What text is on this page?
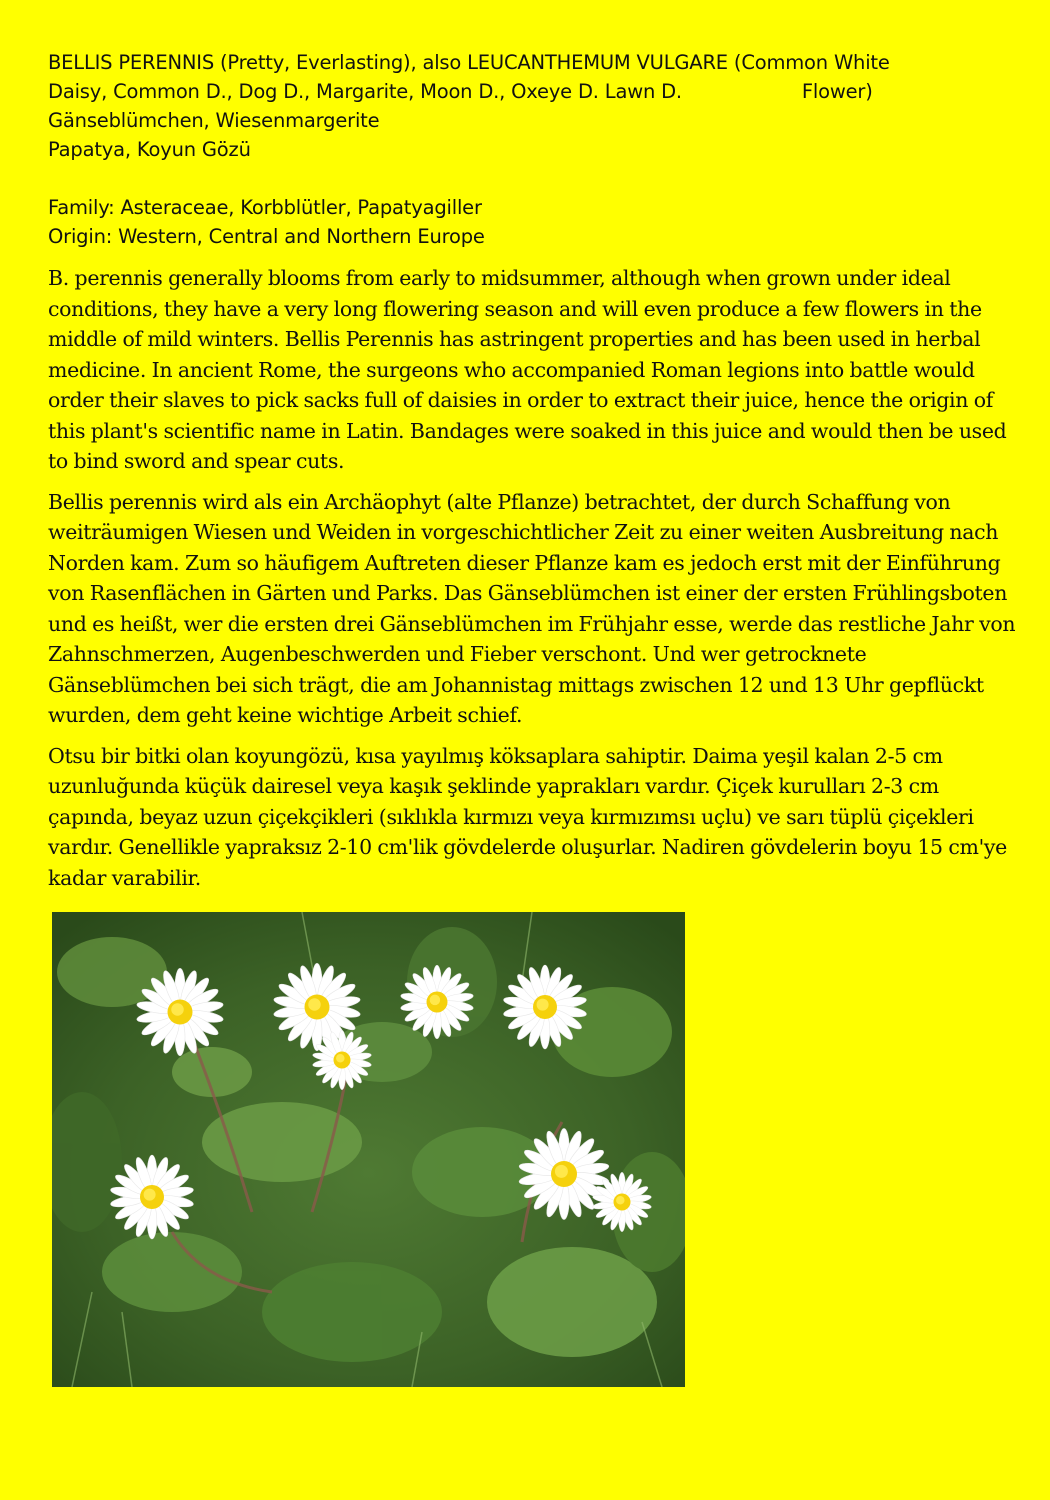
BELLIS PERENNIS (Pretty, Everlasting), also LEUCANTHEMUM VULGARE (Common White
Daisy, Common D., Dog D., Margarite, Moon D., Oxeye D. Lawn D.                    Flower)
Gänseblümchen, Wiesenmargerite
Papatya, Koyun Gözü
Family: Asteraceae, Korbblütler, Papatyagiller
Origin: Western, Central and Northern Europe

B. perennis generally blooms from early to midsummer, although when grown under ideal conditions, they have a very long flowering season and will even produce a few flowers in the middle of mild winters. Bellis Perennis has astringent properties and has been used in herbal medicine. In ancient Rome, the surgeons who accompanied Roman legions into battle would order their slaves to pick sacks full of daisies in order to extract their juice, hence the origin of this plant's scientific name in Latin. Bandages were soaked in this juice and would then be used to bind sword and spear cuts.

Bellis perennis wird als ein Archäophyt (alte Pflanze) betrachtet, der durch Schaffung von weiträumigen Wiesen und Weiden in vorgeschichtlicher Zeit zu einer weiten Ausbreitung nach Norden kam. Zum so häufigem Auftreten dieser Pflanze kam es jedoch erst mit der Einführung von Rasenflächen in Gärten und Parks. Das Gänseblümchen ist einer der ersten Frühlingsboten und es heißt, wer die ersten drei Gänseblümchen im Frühjahr esse, werde das restliche Jahr von Zahnschmerzen, Augenbeschwerden und Fieber verschont. Und wer getrocknete Gänseblümchen bei sich trägt, die am Johannistag mittags zwischen 12 und 13 Uhr gepflückt wurden, dem geht keine wichtige Arbeit schief.

Otsu bir bitki olan koyungözü, kısa yayılmış köksaplara sahiptir. Daima yeşil kalan 2-5 cm uzunluğunda küçük dairesel veya kaşık şeklinde yaprakları vardır. Çiçek kurulları 2-3 cm çapında, beyaz uzun çiçekçikleri (sıklıkla kırmızı veya kırmızımsı uçlu) ve sarı tüplü çiçekleri vardır. Genellikle yapraksız 2-10 cm'lik gövdelerde oluşurlar. Nadiren gövdelerin boyu 15 cm'ye kadar varabilir.
